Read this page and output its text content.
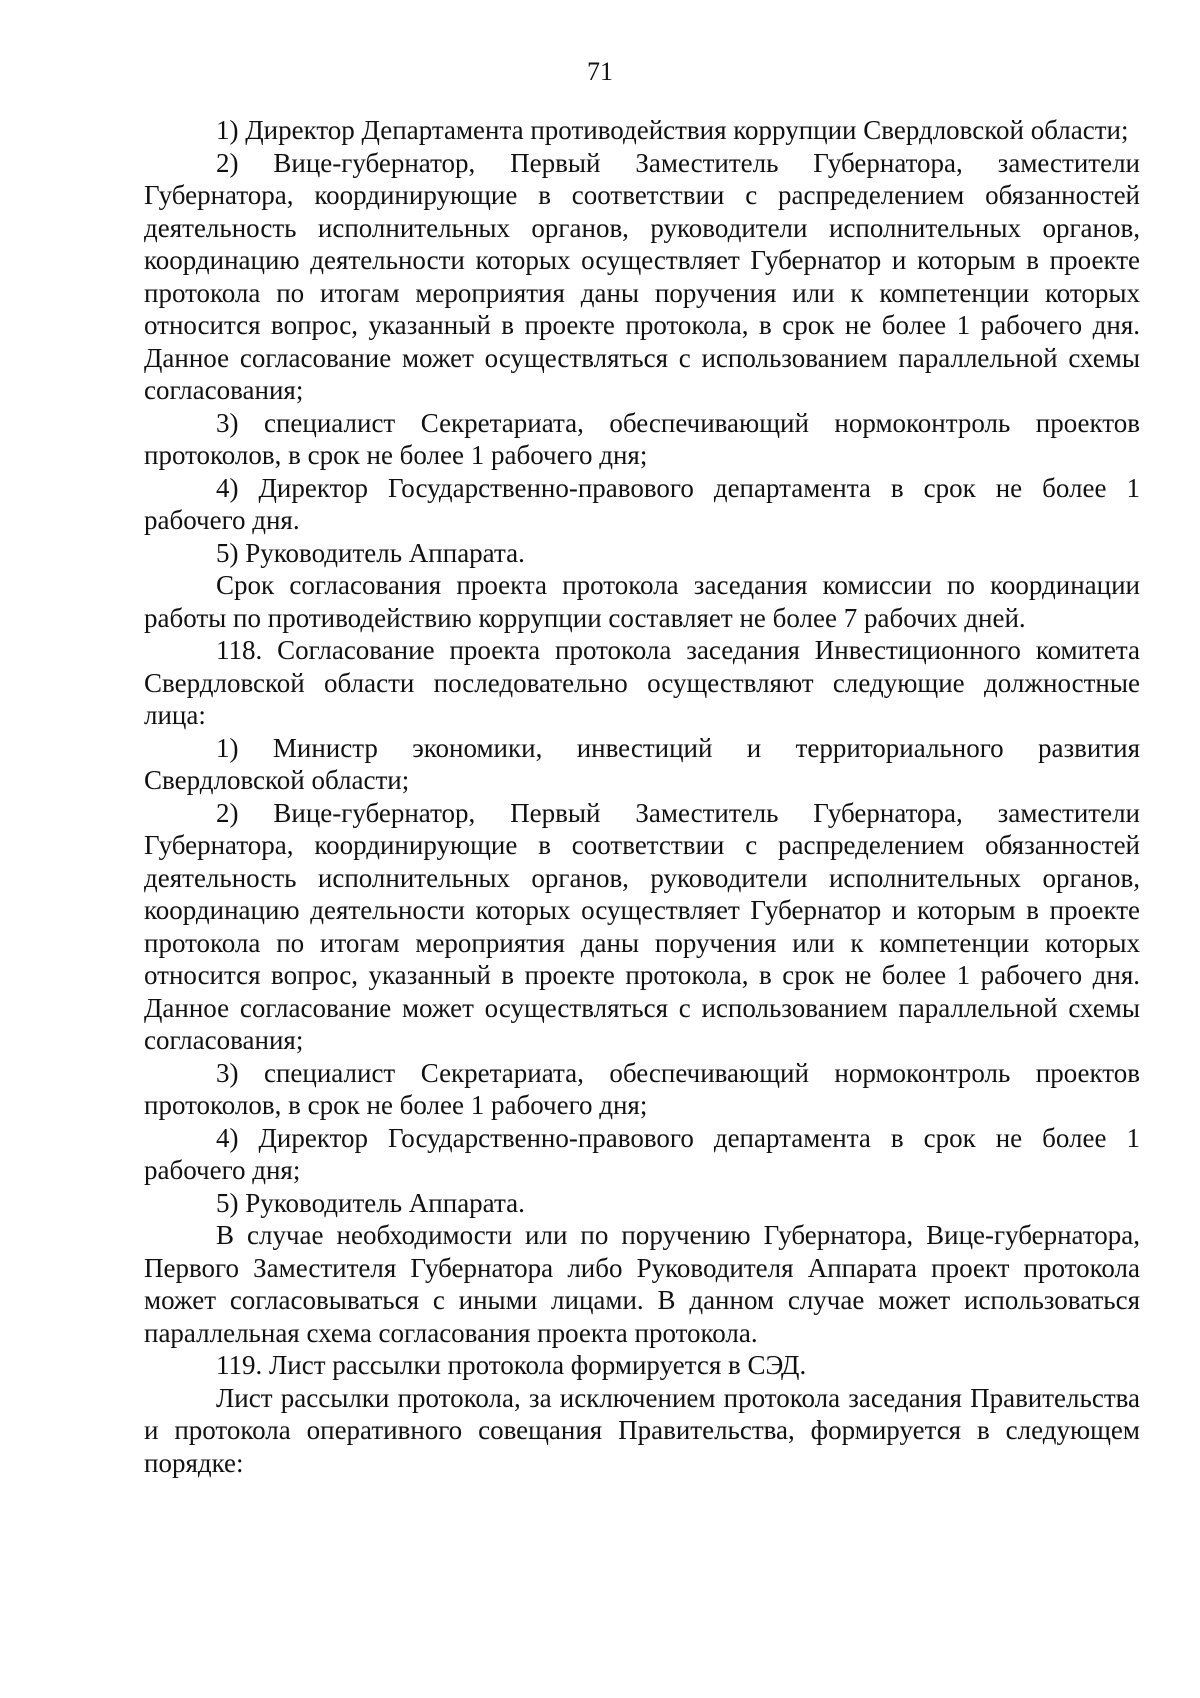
71

1) Директор Департамента противодействия коррупции Свердловской области;

2) Вице-губернатор, Первый Заместитель Губернатора, заместители Губернатора, координирующие в соответствии с распределением обязанностей деятельность исполнительных органов, руководители исполнительных органов, координацию деятельности которых осуществляет Губернатор и которым в проекте протокола по итогам мероприятия даны поручения или к компетенции которых относится вопрос, указанный в проекте протокола, в срок не более 1 рабочего дня. Данное согласование может осуществляться с использованием параллельной схемы согласования;

3) специалист Секретариата, обеспечивающий нормоконтроль проектов протоколов, в срок не более 1 рабочего дня;

4) Директор Государственно-правового департамента в срок не более 1 рабочего дня.

5) Руководитель Аппарата.

Срок согласования проекта протокола заседания комиссии по координации работы по противодействию коррупции составляет не более 7 рабочих дней.

118. Согласование проекта протокола заседания Инвестиционного комитета Свердловской области последовательно осуществляют следующие должностные лица:

1) Министр экономики, инвестиций и территориального развития Свердловской области;

2) Вице-губернатор, Первый Заместитель Губернатора, заместители Губернатора, координирующие в соответствии с распределением обязанностей деятельность исполнительных органов, руководители исполнительных органов, координацию деятельности которых осуществляет Губернатор и которым в проекте протокола по итогам мероприятия даны поручения или к компетенции которых относится вопрос, указанный в проекте протокола, в срок не более 1 рабочего дня. Данное согласование может осуществляться с использованием параллельной схемы согласования;

3) специалист Секретариата, обеспечивающий нормоконтроль проектов протоколов, в срок не более 1 рабочего дня;

4) Директор Государственно-правового департамента в срок не более 1 рабочего дня;

5) Руководитель Аппарата.

В случае необходимости или по поручению Губернатора, Вице-губернатора, Первого Заместителя Губернатора либо Руководителя Аппарата проект протокола может согласовываться с иными лицами. В данном случае может использоваться параллельная схема согласования проекта протокола.

119. Лист рассылки протокола формируется в СЭД.

Лист рассылки протокола, за исключением протокола заседания Правительства и протокола оперативного совещания Правительства, формируется в следующем порядке:
